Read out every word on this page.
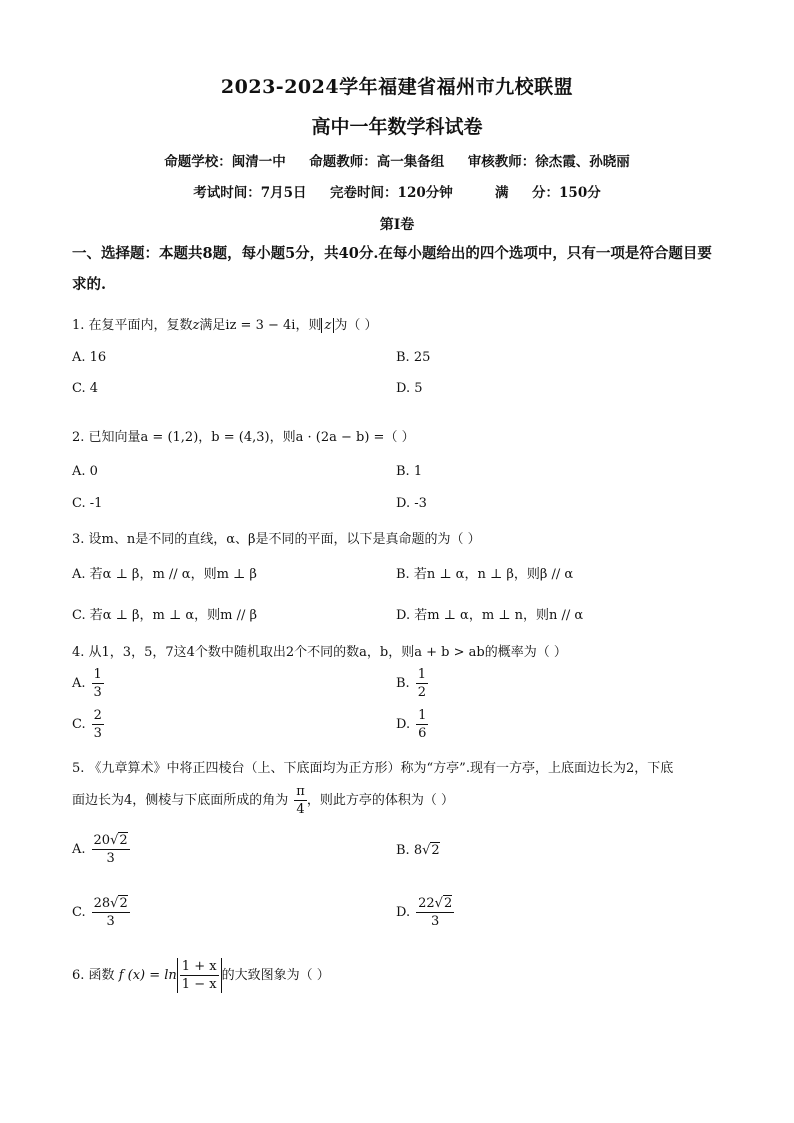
2023-2024学年福建省福州市九校联盟
高中一年数学科试卷
命题学校：闽清一中     命题教师：高一集备组     审核教师：徐杰霞、孙晓丽
考试时间：7月5日     完卷时间：120分钟         满     分：150分
第Ⅰ卷
一、选择题：本题共8题，每小题5分，共40分.在每小题给出的四个选项中，只有一项是符合题目要求的.
1. 在复平面内，复数z满足iz = 3 − 4i，则 z 为（ ）
A. 16	B. 25
C. 4	D. 5
2. 已知向量a = (1,2)，b = (4,3)，则a · (2a − b) =（ ）
A. 0	B. 1
C. -1	D. -3
3. 设m、n是不同的直线，α、β是不同的平面，以下是真命题的为（ ）
A. 若α ⊥ β，m // α，则m ⊥ β	B. 若n ⊥ α，n ⊥ β，则β // α
C. 若α ⊥ β，m ⊥ α，则m // β	D. 若m ⊥ α，m ⊥ n，则n // α
4. 从1，3，5，7这4个数中随机取出2个不同的数a，b，则a + b > ab的概率为（ ）
A. $\frac{1}{3}$	B. $\frac{1}{2}$
C. $\frac{2}{3}$	D. $\frac{1}{6}$
5. 《九章算术》中将正四棱台（上、下底面均为正方形）称为“方亭”.现有一方亭，上底面边长为2，下底
面边长为4，侧棱与下底面所成的角为 $\frac{\pi}{4}$ ，则此方亭的体积为（ ）
A. $\frac{20√2}{3}$	B. 8√2
C. $\frac{28√2}{3}$	D. $\frac{22√2}{3}$
6. 函数 f $(x) = \ln \frac{1 + x}{1 - x}$ 的大致图象为（ ）
